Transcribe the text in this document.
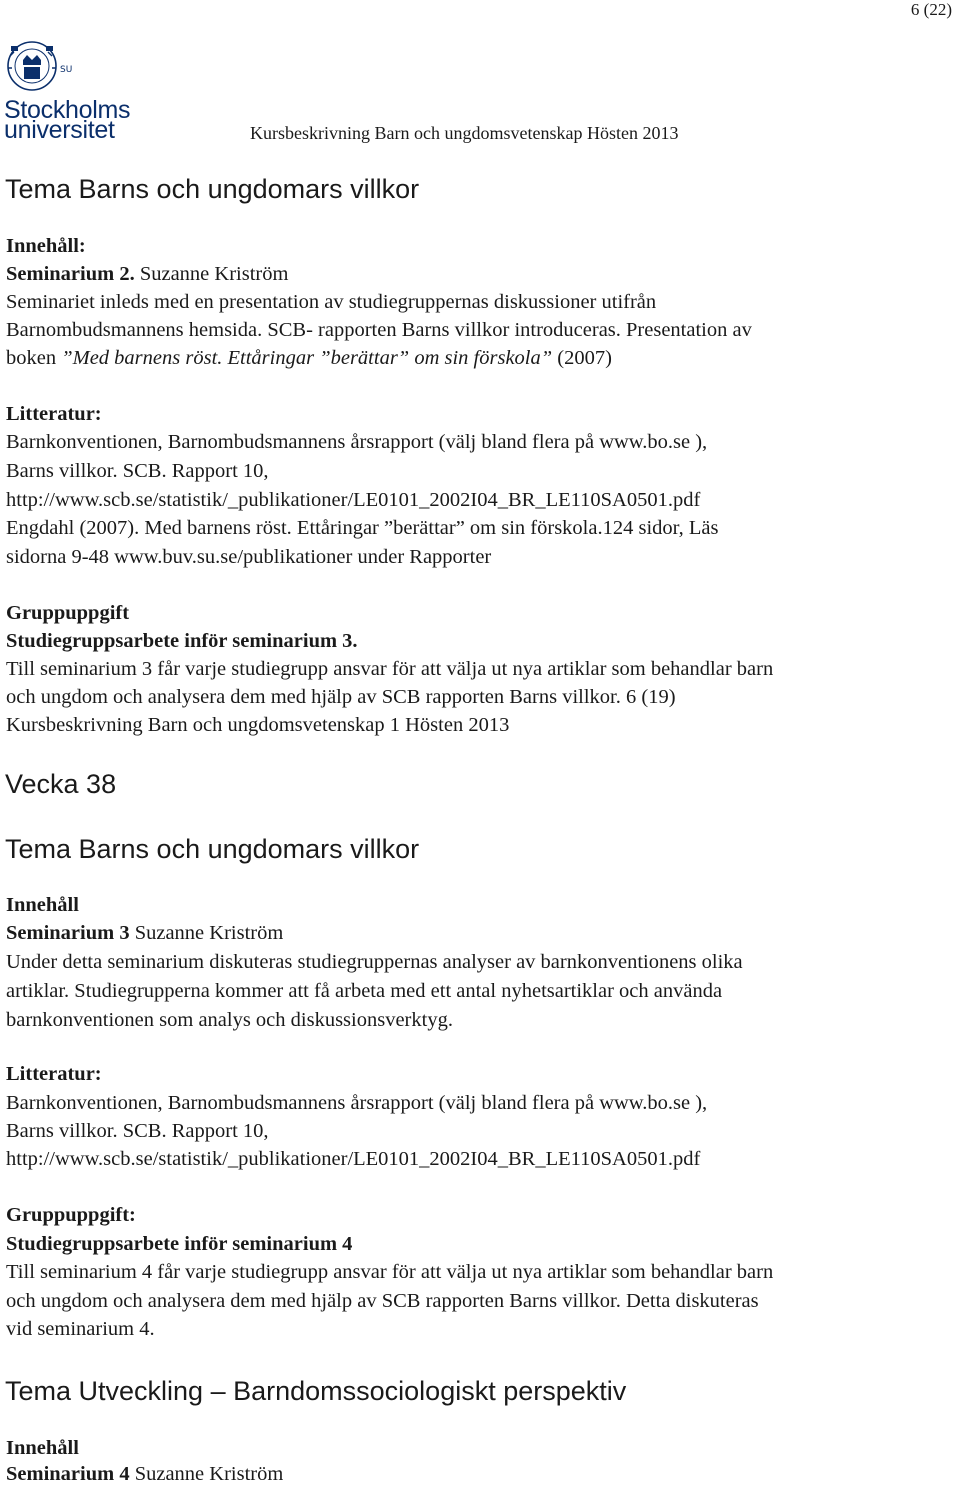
6 (22)
SU
Stockholms
universitet	Kursbeskrivning Barn och ungdomsvetenskap Hösten 2013
Tema Barns och ungdomars villkor
Innehåll:
Seminarium 2. Suzanne Kriström
Seminariet inleds med en presentation av studiegruppernas diskussioner utifrån
Barnombudsmannens hemsida. SCB- rapporten Barns villkor introduceras. Presentation av
boken ”Med barnens röst. Ettåringar ”berättar” om sin förskola” (2007)
Litteratur:
Barnkonventionen, Barnombudsmannens årsrapport (välj bland flera på www.bo.se ),
Barns villkor. SCB. Rapport 10,
http://www.scb.se/statistik/_publikationer/LE0101_2002I04_BR_LE110SA0501.pdf
Engdahl (2007). Med barnens röst. Ettåringar ”berättar” om sin förskola.124 sidor, Läs
sidorna 9-48 www.buv.su.se/publikationer under Rapporter
Gruppuppgift
Studiegruppsarbete inför seminarium 3.
Till seminarium 3 får varje studiegrupp ansvar för att välja ut nya artiklar som behandlar barn
och ungdom och analysera dem med hjälp av SCB rapporten Barns villkor. 6 (19)
Kursbeskrivning Barn och ungdomsvetenskap 1 Hösten 2013
Vecka 38
Tema Barns och ungdomars villkor
Innehåll
Seminarium 3 Suzanne Kriström
Under detta seminarium diskuteras studiegruppernas analyser av barnkonventionens olika
artiklar. Studiegrupperna kommer att få arbeta med ett antal nyhetsartiklar och använda
barnkonventionen som analys och diskussionsverktyg.
Litteratur:
Barnkonventionen, Barnombudsmannens årsrapport (välj bland flera på www.bo.se ),
Barns villkor. SCB. Rapport 10,
http://www.scb.se/statistik/_publikationer/LE0101_2002I04_BR_LE110SA0501.pdf
Gruppuppgift:
Studiegruppsarbete inför seminarium 4
Till seminarium 4 får varje studiegrupp ansvar för att välja ut nya artiklar som behandlar barn
och ungdom och analysera dem med hjälp av SCB rapporten Barns villkor. Detta diskuteras
vid seminarium 4.
Tema Utveckling – Barndomssociologiskt perspektiv
Innehåll
Seminarium 4 Suzanne Kriström
